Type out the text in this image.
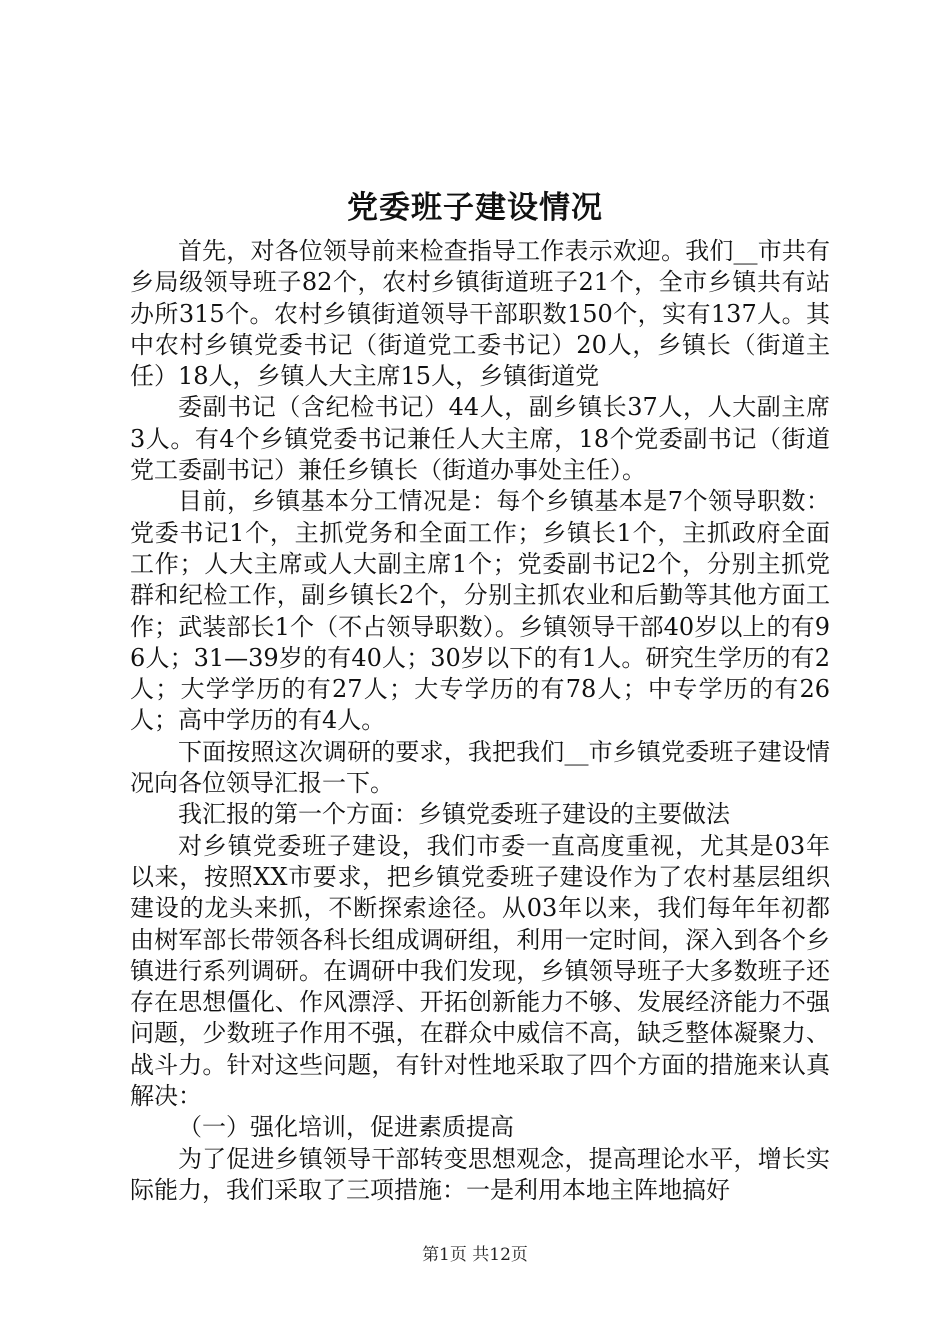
党委班子建设情况

首先，对各位领导前来检查指导工作表示欢迎。我们__市共有乡局级领导班子82个，农村乡镇街道班子21个，全市乡镇共有站办所315个。农村乡镇街道领导干部职数150个，实有137人。其中农村乡镇党委书记（街道党工委书记）20人，乡镇长（街道主任）18人，乡镇人大主席15人，乡镇街道党

委副书记（含纪检书记）44人，副乡镇长37人，人大副主席3人。有4个乡镇党委书记兼任人大主席，18个党委副书记（街道党工委副书记）兼任乡镇长（街道办事处主任）。

目前，乡镇基本分工情况是：每个乡镇基本是7个领导职数：党委书记1个，主抓党务和全面工作；乡镇长1个，主抓政府全面工作；人大主席或人大副主席1个；党委副书记2个，分别主抓党群和纪检工作，副乡镇长2个，分别主抓农业和后勤等其他方面工作；武装部长1个（不占领导职数）。乡镇领导干部40岁以上的有96人；31—39岁的有40人；30岁以下的有1人。研究生学历的有2人；大学学历的有27人；大专学历的有78人；中专学历的有26人；高中学历的有4人。

下面按照这次调研的要求，我把我们__市乡镇党委班子建设情况向各位领导汇报一下。

我汇报的第一个方面：乡镇党委班子建设的主要做法

对乡镇党委班子建设，我们市委一直高度重视，尤其是03年以来，按照XX市要求，把乡镇党委班子建设作为了农村基层组织建设的龙头来抓，不断探索途径。从03年以来，我们每年年初都由树军部长带领各科长组成调研组，利用一定时间，深入到各个乡镇进行系列调研。在调研中我们发现，乡镇领导班子大多数班子还存在思想僵化、作风漂浮、开拓创新能力不够、发展经济能力不强问题，少数班子作用不强，在群众中威信不高，缺乏整体凝聚力、战斗力。针对这些问题，有针对性地采取了四个方面的措施来认真解决：

（一）强化培训，促进素质提高

为了促进乡镇领导干部转变思想观念，提高理论水平，增长实际能力，我们采取了三项措施：一是利用本地主阵地搞好

第1页 共12页
